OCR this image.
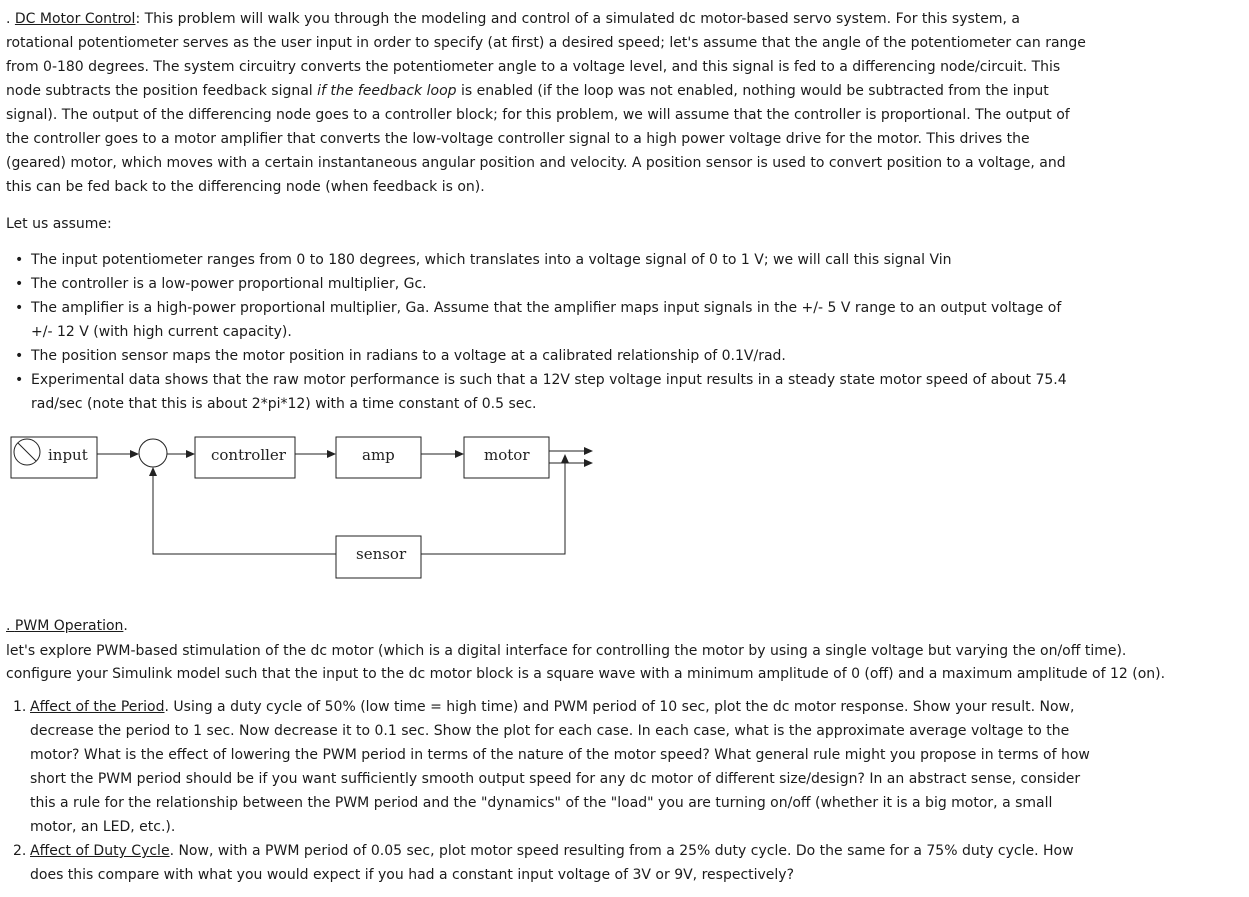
. DC Motor Control: This problem will walk you through the modeling and control of a simulated dc motor-based servo system. For this system, a rotational potentiometer serves as the user input in order to specify (at first) a desired speed; let's assume that the angle of the potentiometer can range from 0-180 degrees. The system circuitry converts the potentiometer angle to a voltage level, and this signal is fed to a differencing node/circuit. This node subtracts the position feedback signal if the feedback loop is enabled (if the loop was not enabled, nothing would be subtracted from the input signal). The output of the differencing node goes to a controller block; for this problem, we will assume that the controller is proportional. The output of the controller goes to a motor amplifier that converts the low-voltage controller signal to a high power voltage drive for the motor. This drives the (geared) motor, which moves with a certain instantaneous angular position and velocity. A position sensor is used to convert position to a voltage, and this can be fed back to the differencing node (when feedback is on).

Let us assume:

• The input potentiometer ranges from 0 to 180 degrees, which translates into a voltage signal of 0 to 1 V; we will call this signal Vin
• The controller is a low-power proportional multiplier, Gc.
• The amplifier is a high-power proportional multiplier, Ga. Assume that the amplifier maps input signals in the +/- 5 V range to an output voltage of +/- 12 V (with high current capacity).
• The position sensor maps the motor position in radians to a voltage at a calibrated relationship of 0.1V/rad.
• Experimental data shows that the raw motor performance is such that a 12V step voltage input results in a steady state motor speed of about 75.4 rad/sec (note that this is about 2*pi*12) with a time constant of 0.5 sec.
input	controller	amp	motor
sensor

. PWM Operation.

let's explore PWM-based stimulation of the dc motor (which is a digital interface for controlling the motor by using a single voltage but varying the on/off time).

configure your Simulink model such that the input to the dc motor block is a square wave with a minimum amplitude of 0 (off) and a maximum amplitude of 12 (on).

1. Affect of the Period. Using a duty cycle of 50% (low time = high time) and PWM period of 10 sec, plot the dc motor response. Show your result. Now, decrease the period to 1 sec. Now decrease it to 0.1 sec. Show the plot for each case. In each case, what is the approximate average voltage to the motor? What is the effect of lowering the PWM period in terms of the nature of the motor speed? What general rule might you propose in terms of how short the PWM period should be if you want sufficiently smooth output speed for any dc motor of different size/design? In an abstract sense, consider this a rule for the relationship between the PWM period and the "dynamics" of the "load" you are turning on/off (whether it is a big motor, a small motor, an LED, etc.).
2. Affect of Duty Cycle. Now, with a PWM period of 0.05 sec, plot motor speed resulting from a 25% duty cycle. Do the same for a 75% duty cycle. How does this compare with what you would expect if you had a constant input voltage of 3V or 9V, respectively?
